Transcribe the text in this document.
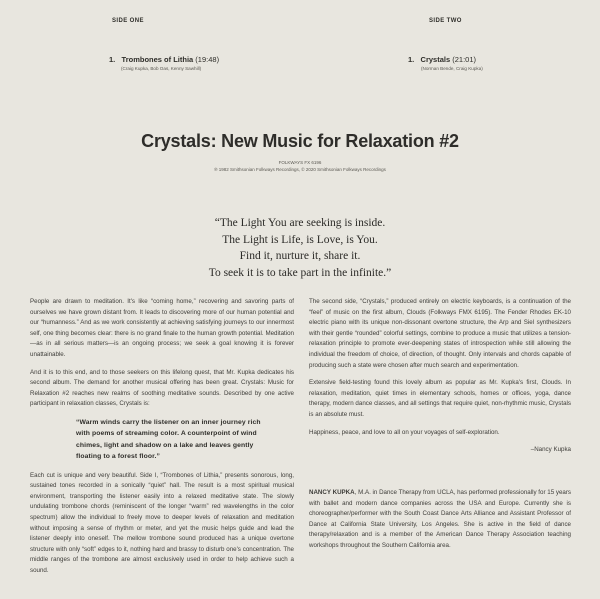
SIDE ONE	SIDE TWO
1. Trombones of Lithia (19:48)
(Craig Kupka, Bob Oas, Kenny Sawhill)
1. Crystals (21:01)
(Norman Bende, Craig Kupka)
Crystals: New Music for Relaxation #2
FOLKWAYS FX 6196
℗ 1982 Smithsonian Folkways Recordings, © 2020 Smithsonian Folkways Recordings
“The Light You are seeking is inside.
The Light is Life, is Love, is You.
Find it, nurture it, share it.
To seek it is to take part in the infinite.”

People are drawn to meditation. It's like “coming home,” recovering and savoring parts of ourselves we have grown distant from. It leads to discovering more of our human potential and our “humanness.” And as we work consistently at achieving satisfying journeys to our innermost self, one thing becomes clear: there is no grand finale to the human growth potential. Meditation—as in all serious matters—is an ongoing process; we seek a goal knowing it is forever unattainable.

And it is to this end, and to those seekers on this lifelong quest, that Mr. Kupka dedicates his second album. The demand for another musical offering has been great. Crystals: Music for Relaxation #2 reaches new realms of soothing meditative sounds. Described by one active participant in relaxation classes, Crystals is:

“Warm winds carry the listener on an inner journey rich
with poems of streaming color. A counterpoint of wind
chimes, light and shadow on a lake and leaves gently
floating to a forest floor.”

Each cut is unique and very beautiful. Side I, “Trombones of Lithia,” presents sonorous, long, sustained tones recorded in a sonically “quiet” hall. The result is a most spiritual musical environment, transporting the listener easily into a relaxed meditative state. The slowly undulating trombone chords (reminiscent of the longer “warm” red wavelengths in the color spectrum) allow the individual to freely move to deeper levels of relaxation and meditation without imposing a sense of rhythm or meter, and yet the music helps guide and lead the listener deeply into oneself. The mellow trombone sound produced has a unique overtone structure with only “soft” edges to it, nothing hard and brassy to disturb one's concentration. The middle ranges of the trombone are almost exclusively used in order to help achieve such a sound.

The second side, “Crystals,” produced entirely on electric keyboards, is a continuation of the “feel” of music on the first album, Clouds (Folkways FMX 6195). The Fender Rhodes EK-10 electric piano with its unique non-dissonant overtone structure, the Arp and Siel synthesizers with their gentle “rounded” colorful settings, combine to produce a music that utilizes a tension-relaxation principle to promote ever-deepening states of introspection while still allowing the individual the freedom of choice, of direction, of thought. Only intervals and chords capable of producing such a state were chosen after much search and experimentation.

Extensive field-testing found this lovely album as popular as Mr. Kupka's first, Clouds. In relaxation, meditation, quiet times in elementary schools, homes or offices, yoga, dance therapy, modern dance classes, and all settings that require quiet, non-rhythmic music, Crystals is an absolute must.

Happiness, peace, and love to all on your voyages of self-exploration.

–Nancy Kupka
NANCY KUPKA, M.A. in Dance Therapy from UCLA, has performed professionally for 15 years with ballet and modern dance companies across the USA and Europe. Currently she is choreographer/performer with the South Coast Dance Arts Alliance and Assistant Professor of Dance at California State University, Los Angeles. She is active in the field of dance therapy/relaxation and is a member of the American Dance Therapy Association teaching workshops throughout the Southern California area.
